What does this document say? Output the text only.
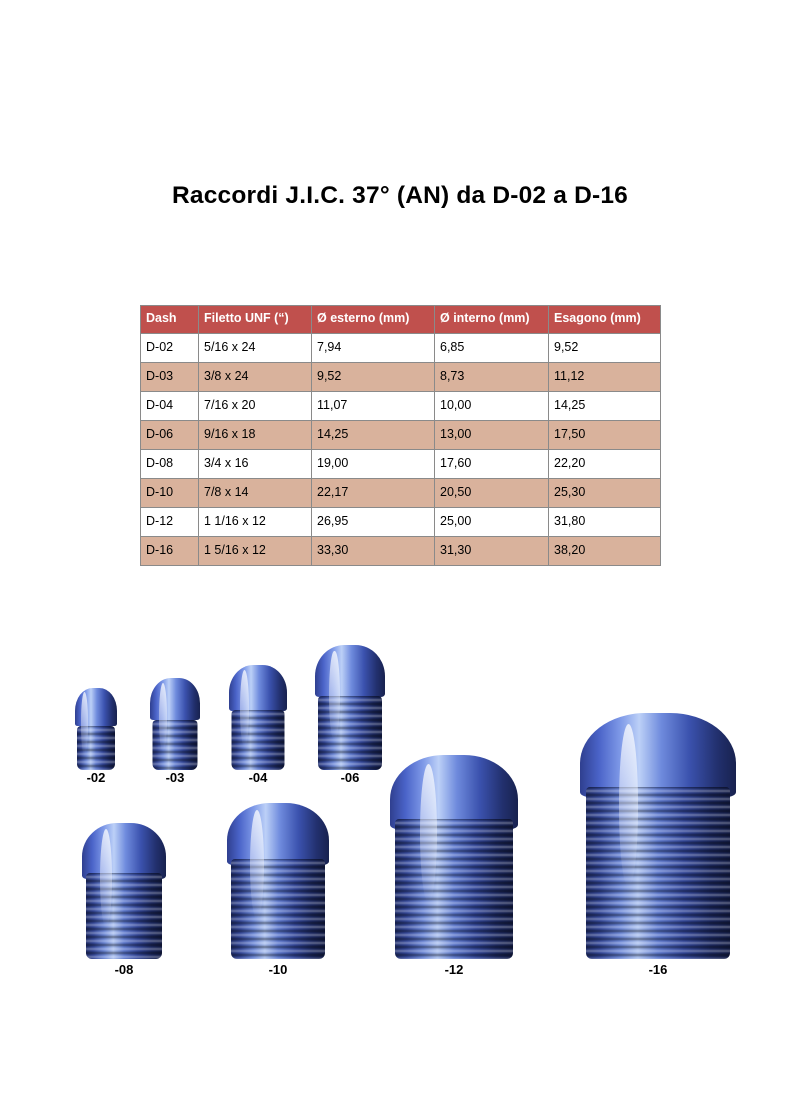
Raccordi J.I.C. 37° (AN) da D-02 a D-16
Dash	Filetto UNF (“)	Ø esterno (mm)	Ø interno (mm)	Esagono (mm)
D-02	5/16 x 24	7,94	6,85	9,52
D-03	3/8 x 24	9,52	8,73	11,12
D-04	7/16 x 20	11,07	10,00	14,25
D-06	9/16 x 18	14,25	13,00	17,50
D-08	3/4 x 16	19,00	17,60	22,20
D-10	7/8 x 14	22,17	20,50	25,30
D-12	1 1/16 x 12	26,95	25,00	31,80
D-16	1 5/16 x 12	33,30	31,30	38,20
-02	-03	-04	-06
-08	-10	-12	-16
